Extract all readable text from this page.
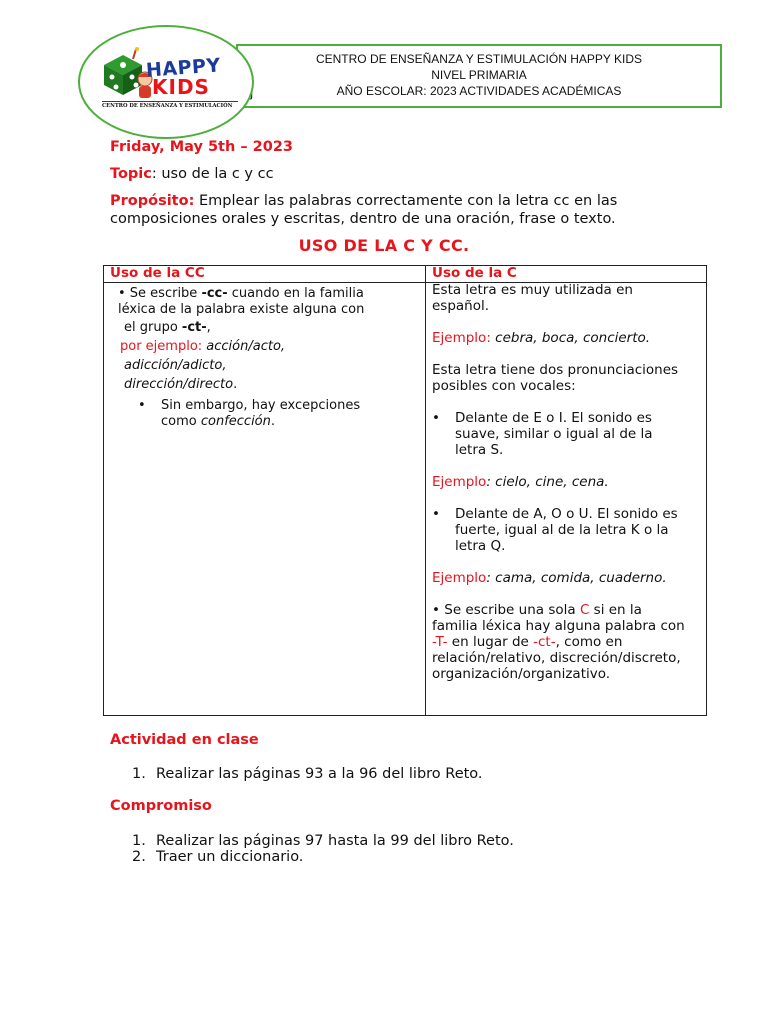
CENTRO DE ENSEÑANZA Y ESTIMULACIÓN HAPPY KIDS
NIVEL PRIMARIA
AÑO ESCOLAR: 2023 ACTIVIDADES ACADÉMICAS
HAPPY
KIDS
CENTRO DE ENSEÑANZA Y ESTIMULACIÓN
Friday, May 5th – 2023
Topic: uso de la c y cc
Propósito: Emplear las palabras correctamente con la letra cc en las
composiciones orales y escritas, dentro de una oración, frase o texto.
USO DE LA C Y CC.
Uso de la CC	Uso de la C
• Se escribe -cc- cuando en la familia
léxica de la palabra existe alguna con
el grupo -ct-,
por ejemplo: acción/acto,
adicción/adicto,
dirección/directo.
• Sin embargo, hay excepciones
como confección.
Esta letra es muy utilizada en
español.
Ejemplo: cebra, boca, concierto.
Esta letra tiene dos pronunciaciones
posibles con vocales:
• Delante de E o I. El sonido es
suave, similar o igual al de la
letra S.
Ejemplo: cielo, cine, cena.
• Delante de A, O o U. El sonido es
fuerte, igual al de la letra K o la
letra Q.
Ejemplo: cama, comida, cuaderno.
• Se escribe una sola C si en la
familia léxica hay alguna palabra con
-T- en lugar de -ct-, como en
relación/relativo, discreción/discreto,
organización/organizativo.
Actividad en clase
1. Realizar las páginas 93 a la 96 del libro Reto.
Compromiso
1. Realizar las páginas 97 hasta la 99 del libro Reto.
2. Traer un diccionario.
